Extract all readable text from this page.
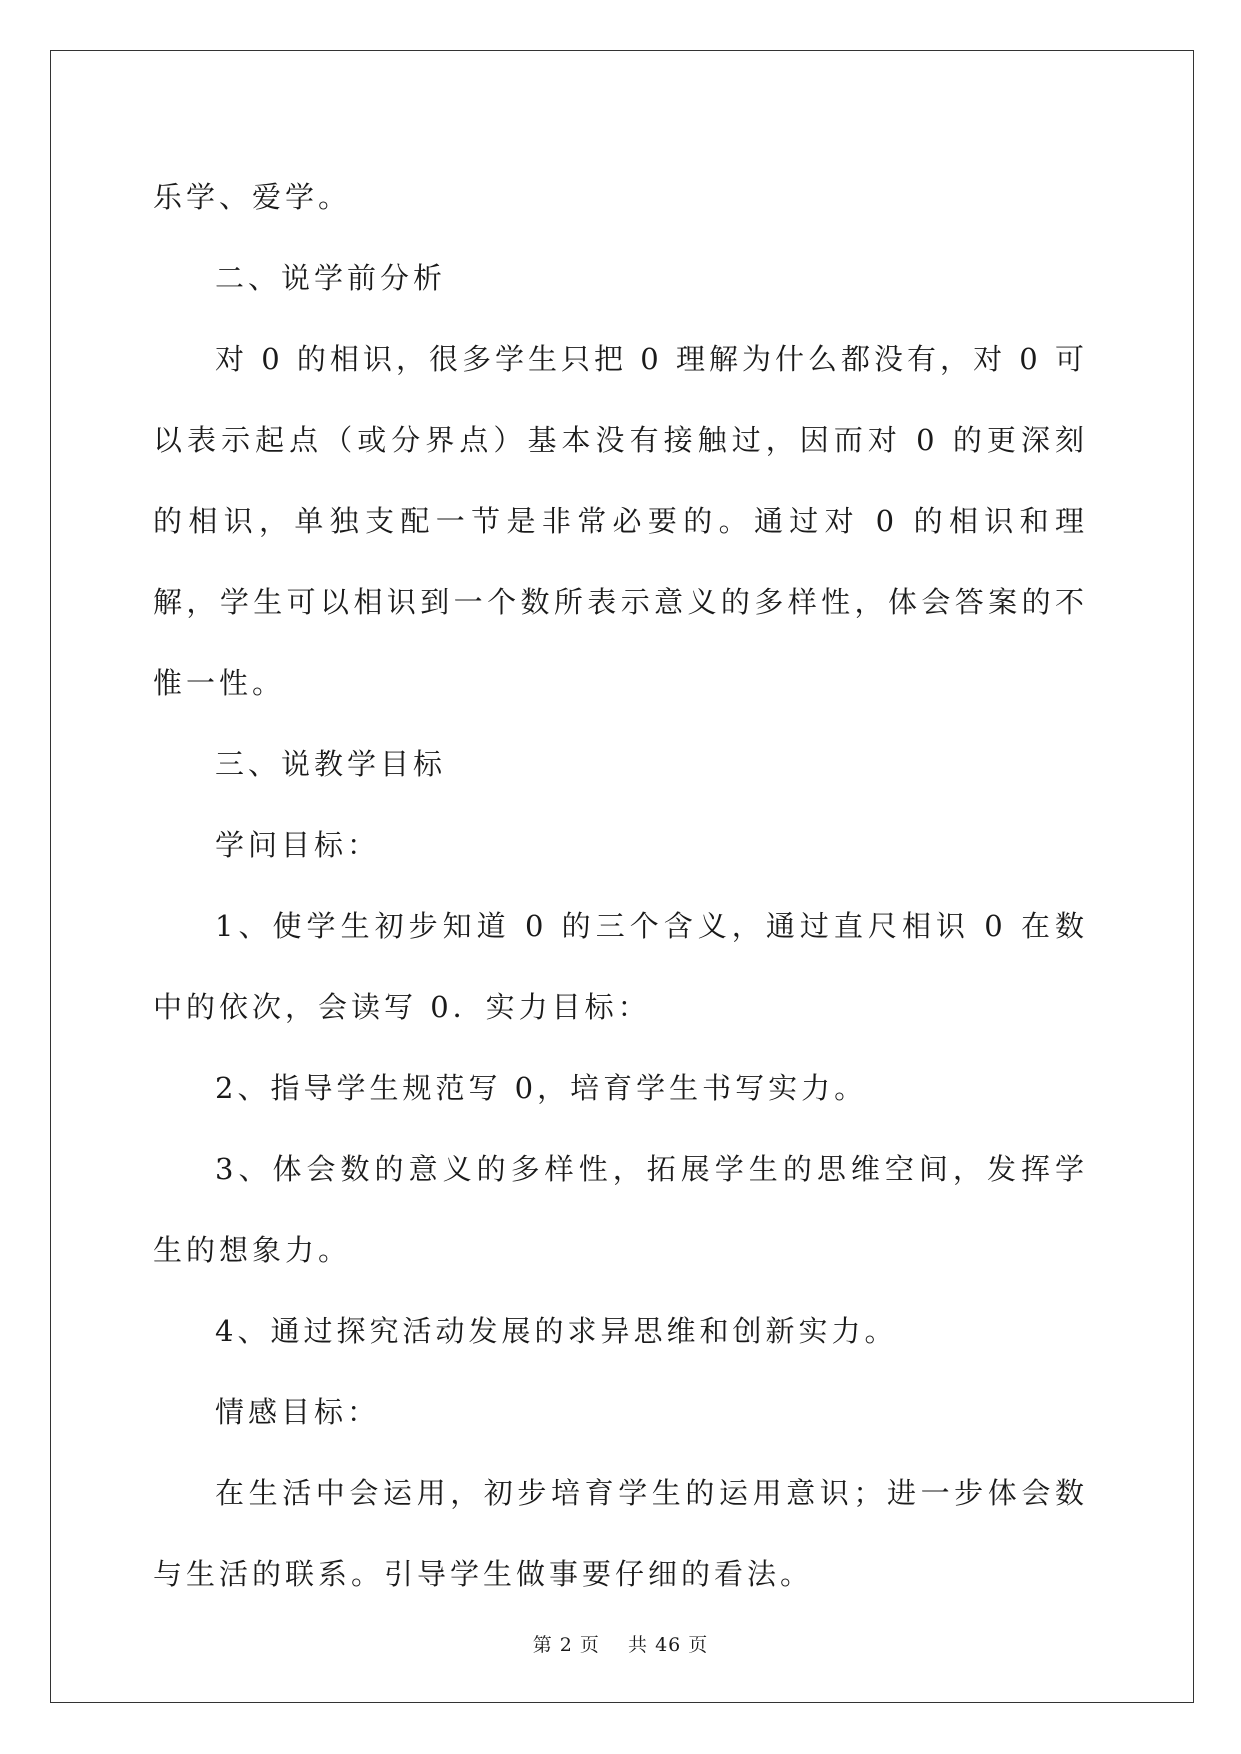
乐学、爱学。

二、说学前分析

对 0 的相识，很多学生只把 0 理解为什么都没有，对 0 可以表示起点（或分界点）基本没有接触过，因而对 0 的更深刻的相识，单独支配一节是非常必要的。通过对 0 的相识和理解，学生可以相识到一个数所表示意义的多样性，体会答案的不惟一性。

三、说教学目标

学问目标：

1、使学生初步知道 0 的三个含义，通过直尺相识 0 在数中的依次，会读写 0．实力目标：

2、指导学生规范写 0，培育学生书写实力。

3、体会数的意义的多样性，拓展学生的思维空间，发挥学生的想象力。

4、通过探究活动发展的求异思维和创新实力。

情感目标：

在生活中会运用，初步培育学生的运用意识；进一步体会数与生活的联系。引导学生做事要仔细的看法。

第 2 页 共 46 页
